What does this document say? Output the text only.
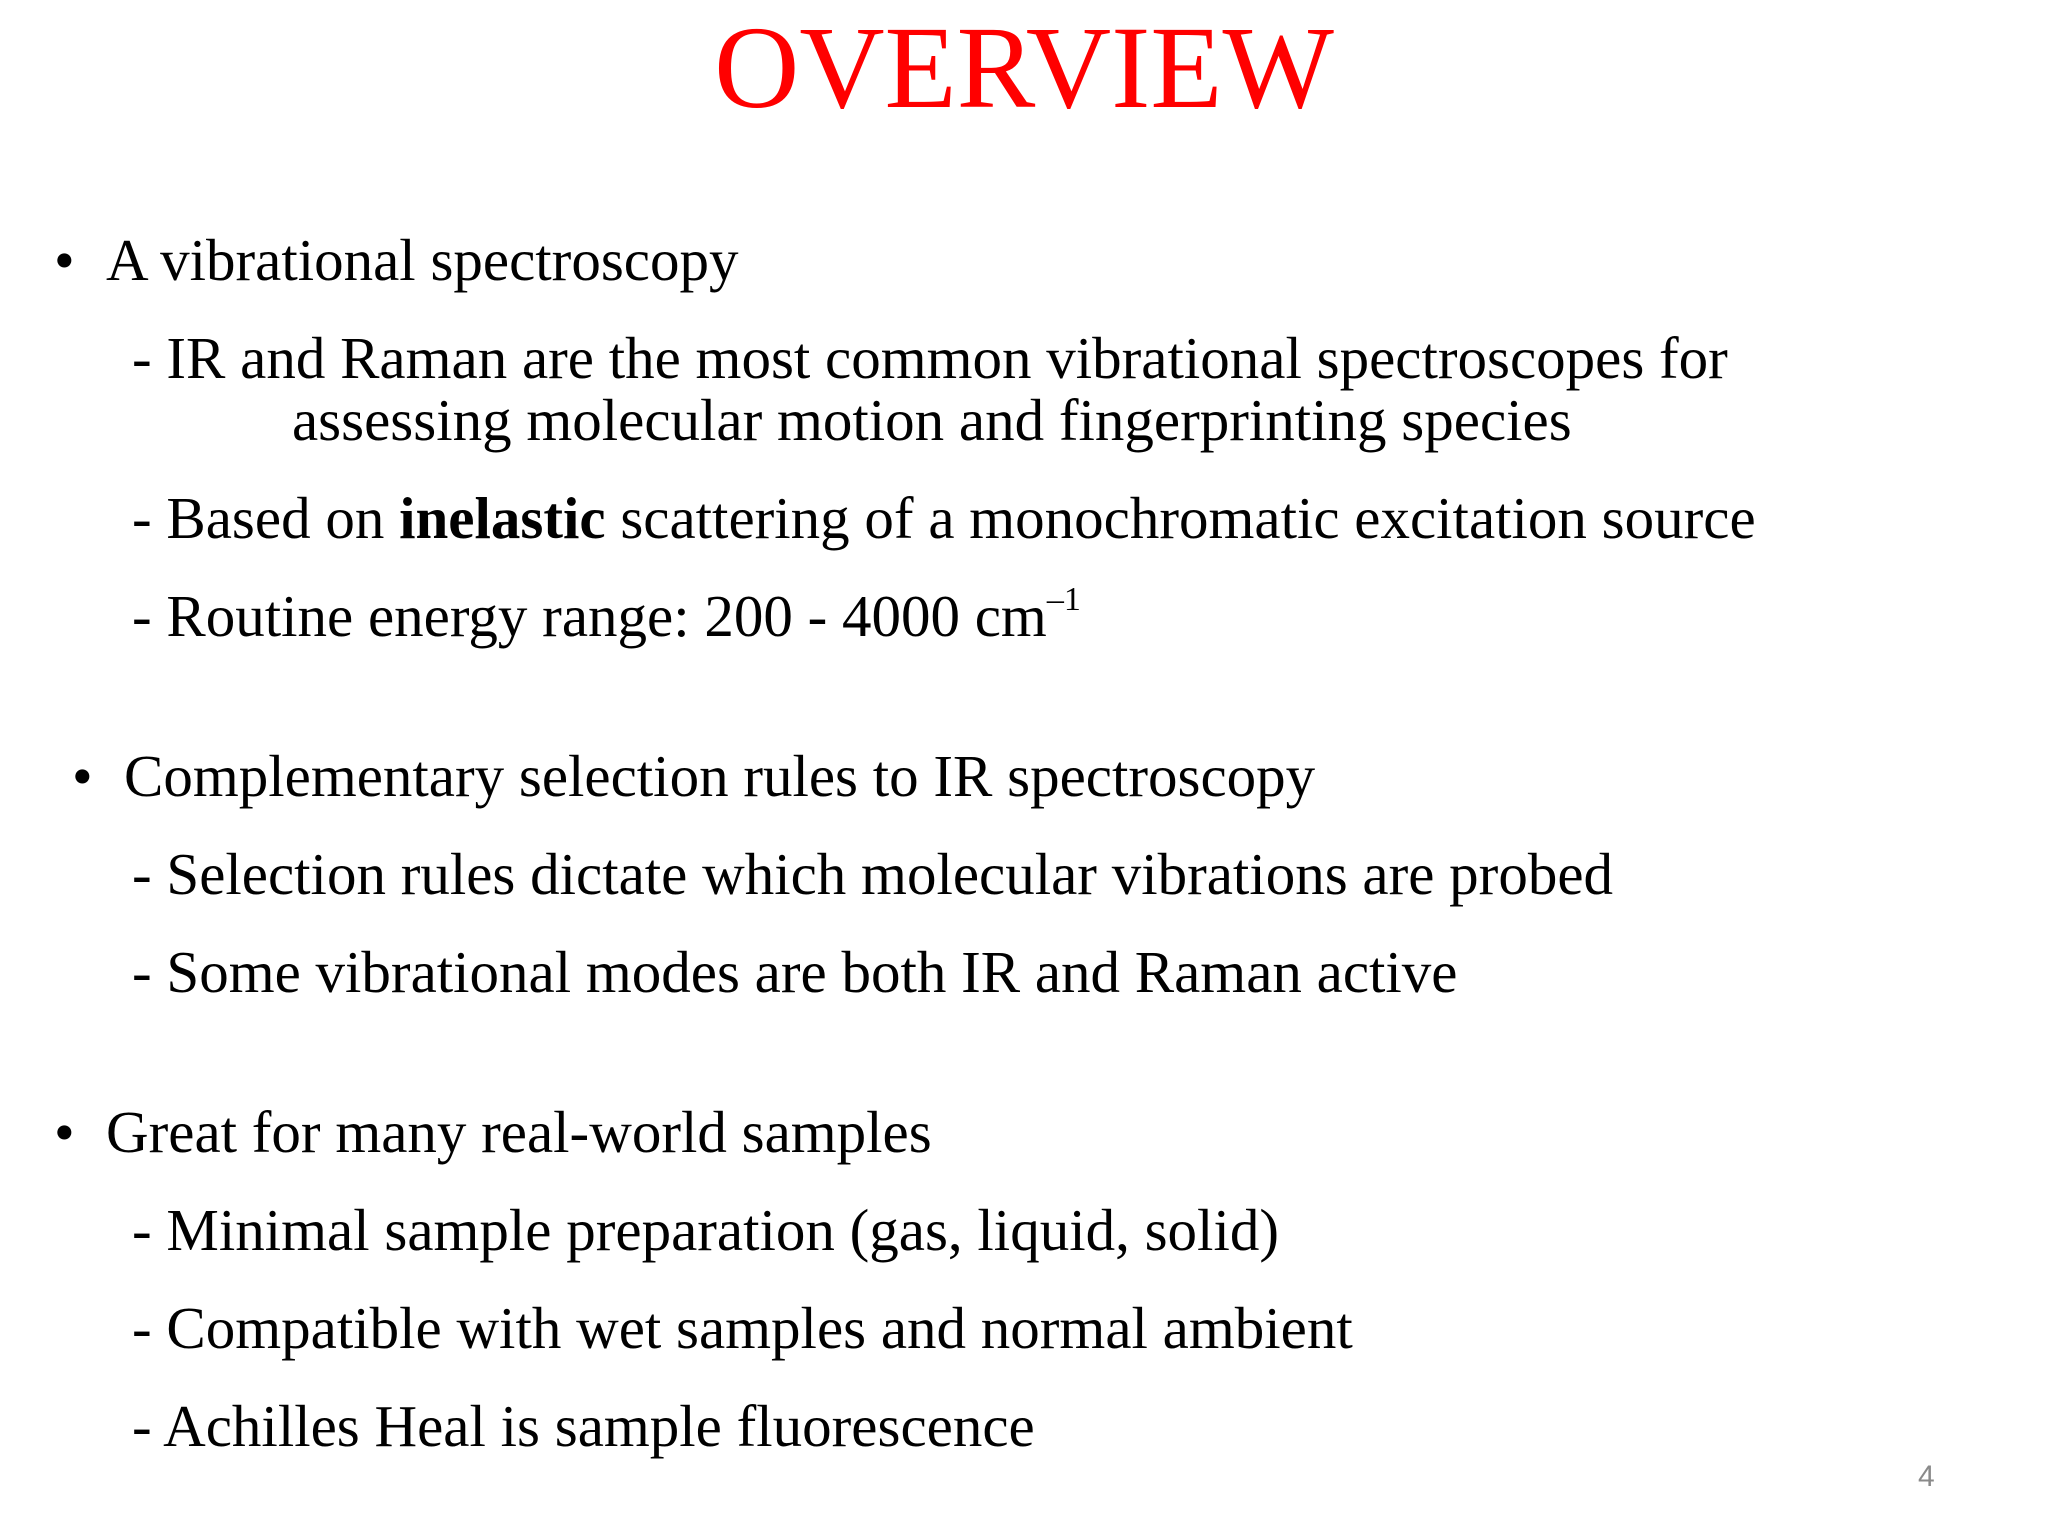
OVERVIEW
•A vibrational spectroscopy
- IR and Raman are the most common vibrational spectroscopes for
assessing molecular motion and fingerprinting species
- Based on inelastic scattering of a monochromatic excitation source
- Routine energy range: 200 - 4000 $cm^{-1}$
•Complementary selection rules to IR spectroscopy
- Selection rules dictate which molecular vibrations are probed
- Some vibrational modes are both IR and Raman active
•Great for many real-world samples
- Minimal sample preparation (gas, liquid, solid)
- Compatible with wet samples and normal ambient
- Achilles Heal is sample fluorescence
4
